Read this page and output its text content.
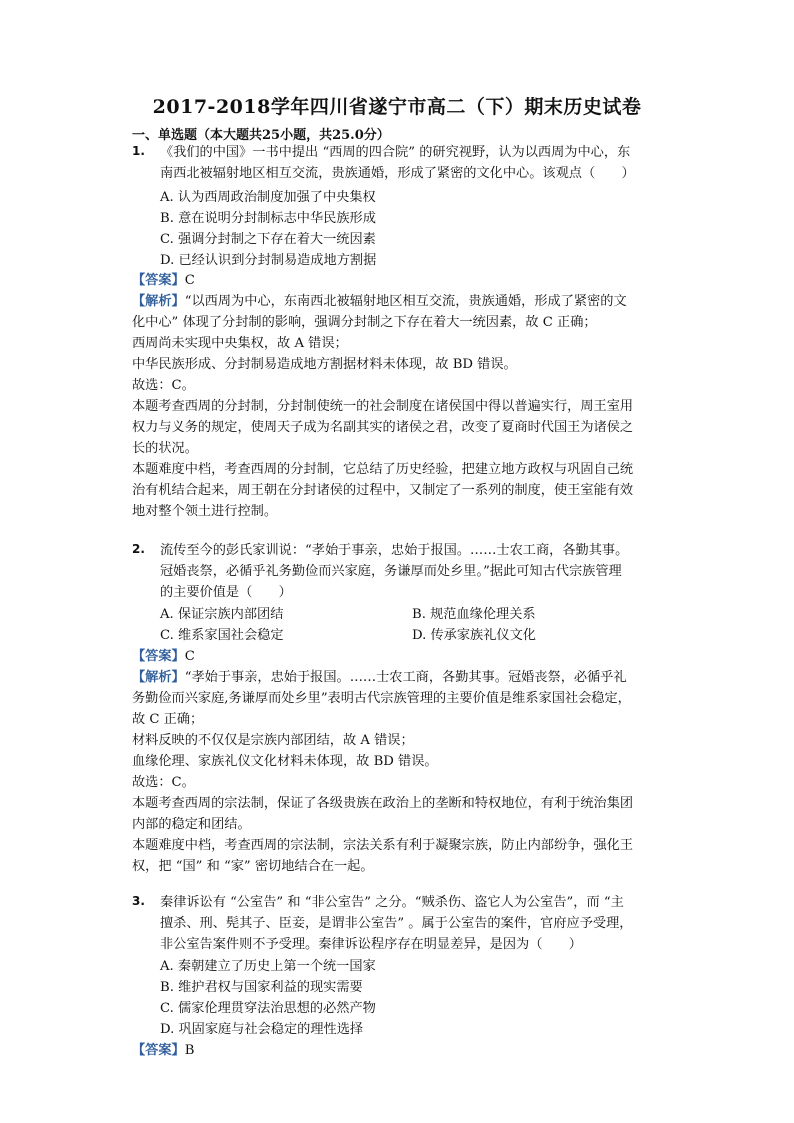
2017-2018学年四川省遂宁市高二（下）期末历史试卷
一、单选题（本大题共25小题，共25.0分）
1. 《我们的中国》一书中提出 “西周的四合院” 的研究视野，认为以西周为中心，东
南西北被辐射地区相互交流，贵族通婚，形成了紧密的文化中心。该观点（　　）
A. 认为西周政治制度加强了中央集权
B. 意在说明分封制标志中华民族形成
C. 强调分封制之下存在着大一统因素
D. 已经认识到分封制易造成地方割据
【答案】C
【解析】“以西周为中心，东南西北被辐射地区相互交流，贵族通婚，形成了紧密的文
化中心” 体现了分封制的影响，强调分封制之下存在着大一统因素，故 C 正确；
西周尚未实现中央集权，故 A 错误；
中华民族形成、分封制易造成地方割据材料未体现，故 BD 错误。
故选：C。
本题考查西周的分封制，分封制使统一的社会制度在诸侯国中得以普遍实行，周王室用
权力与义务的规定，使周天子成为名副其实的诸侯之君，改变了夏商时代国王为诸侯之
长的状况。
本题难度中档，考查西周的分封制，它总结了历史经验，把建立地方政权与巩固自己统
治有机结合起来，周王朝在分封诸侯的过程中，又制定了一系列的制度，使王室能有效
地对整个领土进行控制。
2. 流传至今的彭氏家训说：“孝始于事亲，忠始于报国。……士农工商，各勤其事。
冠婚丧祭，必循乎礼务勤俭而兴家庭，务谦厚而处乡里。”据此可知古代宗族管理
的主要价值是（　　）
A. 保证宗族内部团结	B. 规范血缘伦理关系
C. 维系家国社会稳定	D. 传承家族礼仪文化
【答案】C
【解析】“孝始于事亲，忠始于报国。……士农工商，各勤其事。冠婚丧祭，必循乎礼
务勤俭而兴家庭,务谦厚而处乡里”表明古代宗族管理的主要价值是维系家国社会稳定，
故 C 正确；
材料反映的不仅仅是宗族内部团结，故 A 错误；
血缘伦理、家族礼仪文化材料未体现，故 BD 错误。
故选：C。
本题考查西周的宗法制，保证了各级贵族在政治上的垄断和特权地位，有利于统治集团
内部的稳定和团结。
本题难度中档，考查西周的宗法制，宗法关系有利于凝聚宗族，防止内部纷争，强化王
权，把 “国” 和 “家” 密切地结合在一起。
3. 秦律诉讼有 “公室告” 和 “非公室告” 之分。“贼杀伤、盗它人为公室告”，而 “主
擅杀、刑、髡其子、臣妾，是谓非公室告” 。属于公室告的案件，官府应予受理，
非公室告案件则不予受理。秦律诉讼程序存在明显差异，是因为（　　）
A. 秦朝建立了历史上第一个统一国家
B. 维护君权与国家利益的现实需要
C. 儒家伦理贯穿法治思想的必然产物
D. 巩固家庭与社会稳定的理性选择
【答案】B
